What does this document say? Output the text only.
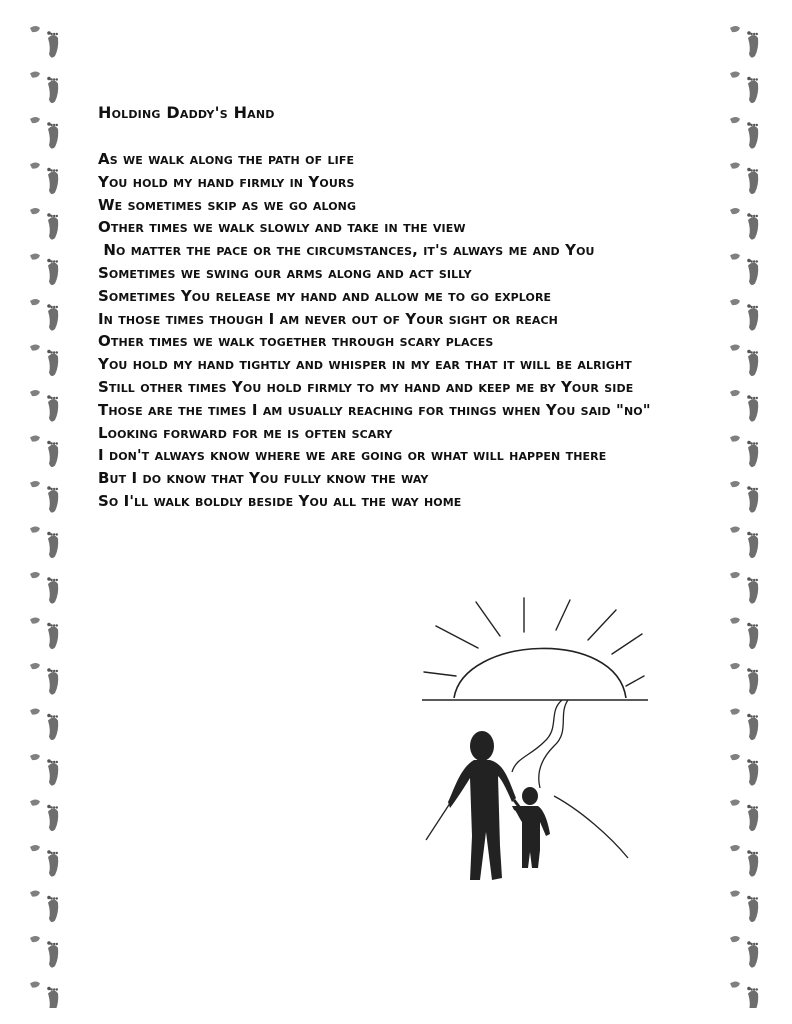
Holding Daddy's Hand
As we walk along the path of life
You hold my hand firmly in Yours
We sometimes skip as we go along
Other times we walk slowly and take in the view
No matter the pace or the circumstances, it's always me and You
Sometimes we swing our arms along and act silly
Sometimes You release my hand and allow me to go explore
In those times though I am never out of Your sight or reach
Other times we walk together through scary places
You hold my hand tightly and whisper in my ear that it will be alright
Still other times You hold firmly to my hand and keep me by Your side
Those are the times I am usually reaching for things when You said "no"
Looking forward for me is often scary
I don't always know where we are going or what will happen there
But I do know that You fully know the way
So I'll walk boldly beside You all the way home
